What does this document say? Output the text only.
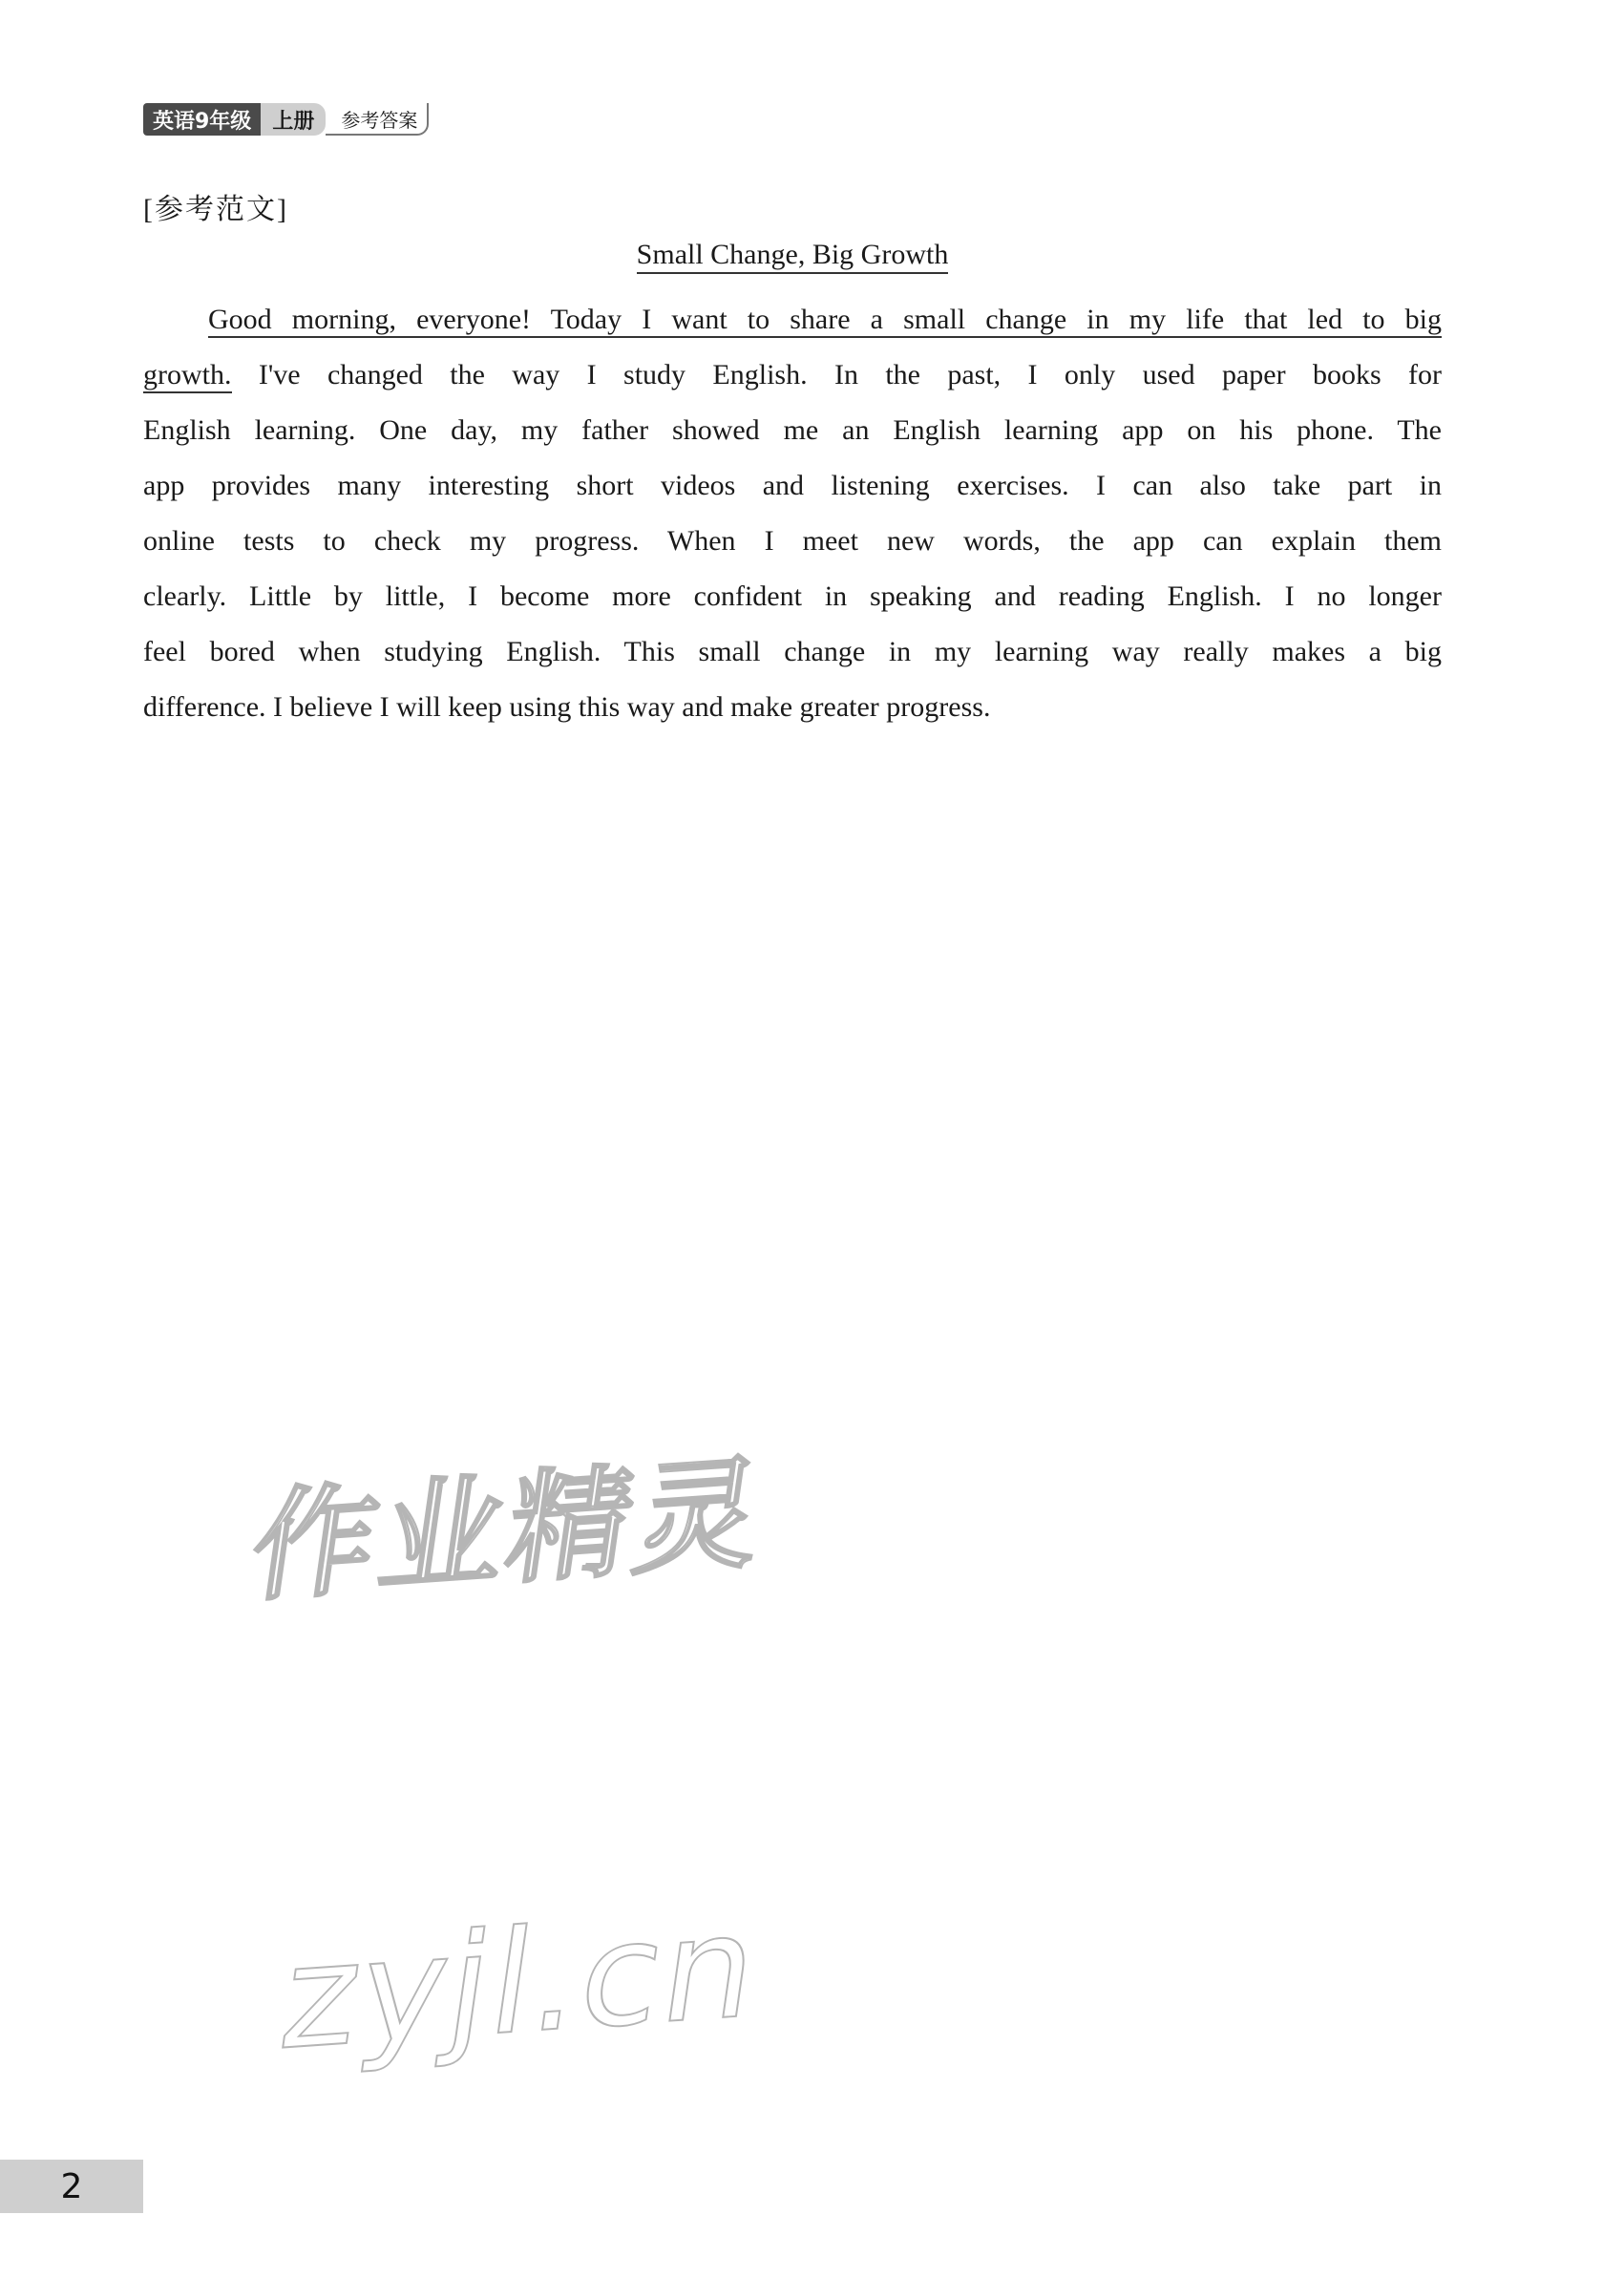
英语9年级	上册	参考答案
[参考范文]
Small Change, Big Growth
Good morning, everyone! Today I want to share a small change in my life that led to big
growth. I've changed the way I study English. In the past, I only used paper books for
English learning. One day, my father showed me an English learning app on his phone. The
app provides many interesting short videos and listening exercises. I can also take part in
online tests to check my progress. When I meet new words, the app can explain them
clearly. Little by little, I become more confident in speaking and reading English. I no longer
feel bored when studying English. This small change in my learning way really makes a big
difference. I believe I will keep using this way and make greater progress.
作业精灵
zyjl.cn
2
